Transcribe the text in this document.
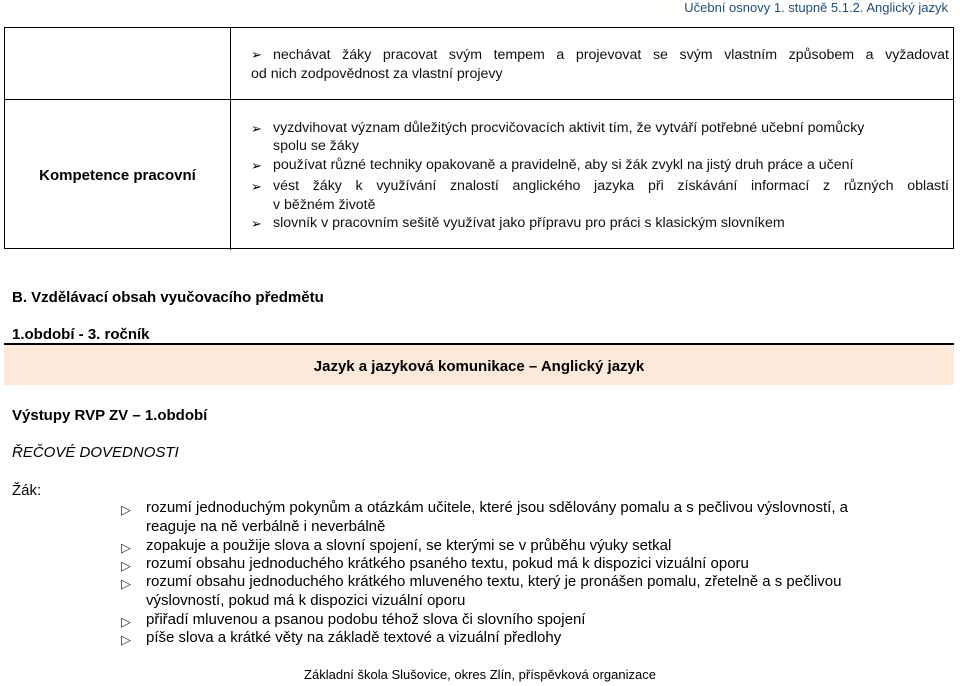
Učební osnovy 1. stupně 5.1.2. Anglický jazyk
➢ nechávat žáky pracovat svým tempem a projevovat se svým vlastním způsobem a vyžadovat
od nich zodpovědnost za vlastní projevy
Kompetence pracovní
➢ vyzdvihovat význam důležitých procvičovacích aktivit tím, že vytváří potřebné učební pomůcky
spolu se žáky
➢ používat různé techniky opakovaně a pravidelně, aby si žák zvykl na jistý druh práce a učení
➢ vést žáky k využívání znalostí anglického jazyka při získávání informací z různých oblastí
v běžném životě
➢ slovník v pracovním sešitě využívat jako přípravu pro práci s klasickým slovníkem
B. Vzdělávací obsah vyučovacího předmětu
1.období - 3. ročník
Jazyk a jazyková komunikace – Anglický jazyk
Výstupy RVP ZV – 1.období
ŘEČOVÉ DOVEDNOSTI
Žák:
▷ rozumí jednoduchým pokynům a otázkám učitele, které jsou sdělovány pomalu a s pečlivou výslovností, a
reaguje na ně verbálně i neverbálně
▷ zopakuje a použije slova a slovní spojení, se kterými se v průběhu výuky setkal
▷ rozumí obsahu jednoduchého krátkého psaného textu, pokud má k dispozici vizuální oporu
▷ rozumí obsahu jednoduchého krátkého mluveného textu, který je pronášen pomalu, zřetelně a s pečlivou
výslovností, pokud má k dispozici vizuální oporu
▷ přiřadí mluvenou a psanou podobu téhož slova či slovního spojení
▷ píše slova a krátké věty na základě textové a vizuální předlohy
Základní škola Slušovice, okres Zlín, příspěvková organizace
